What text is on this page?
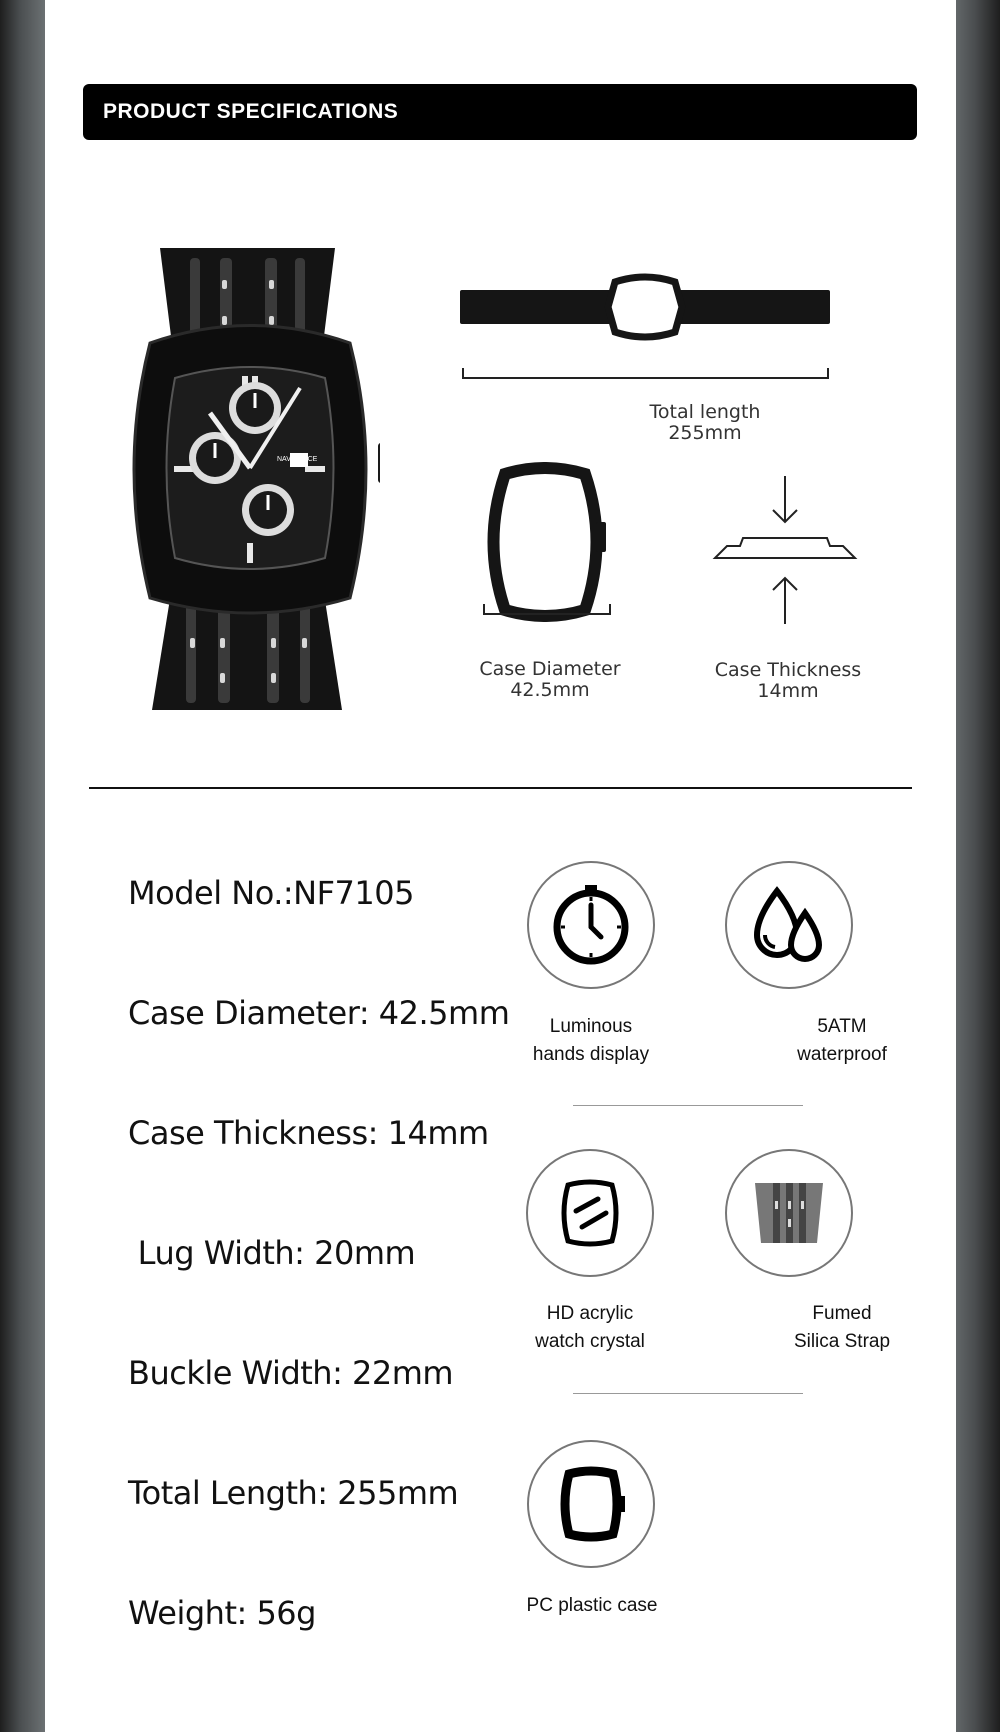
PRODUCT SPECIFICATIONS
NAVIFORCE
Total length
255mm
Case Diameter
42.5mm
Case Thickness
14mm
Model No.:NF7105
Case Diameter: 42.5mm
Case Thickness: 14mm
Lug Width: 20mm
Buckle Width: 22mm
Total Length: 255mm
Weight: 56g
Luminous
hands display
5ATM
waterproof
HD acrylic
watch crystal
Fumed
Silica Strap
PC plastic case
